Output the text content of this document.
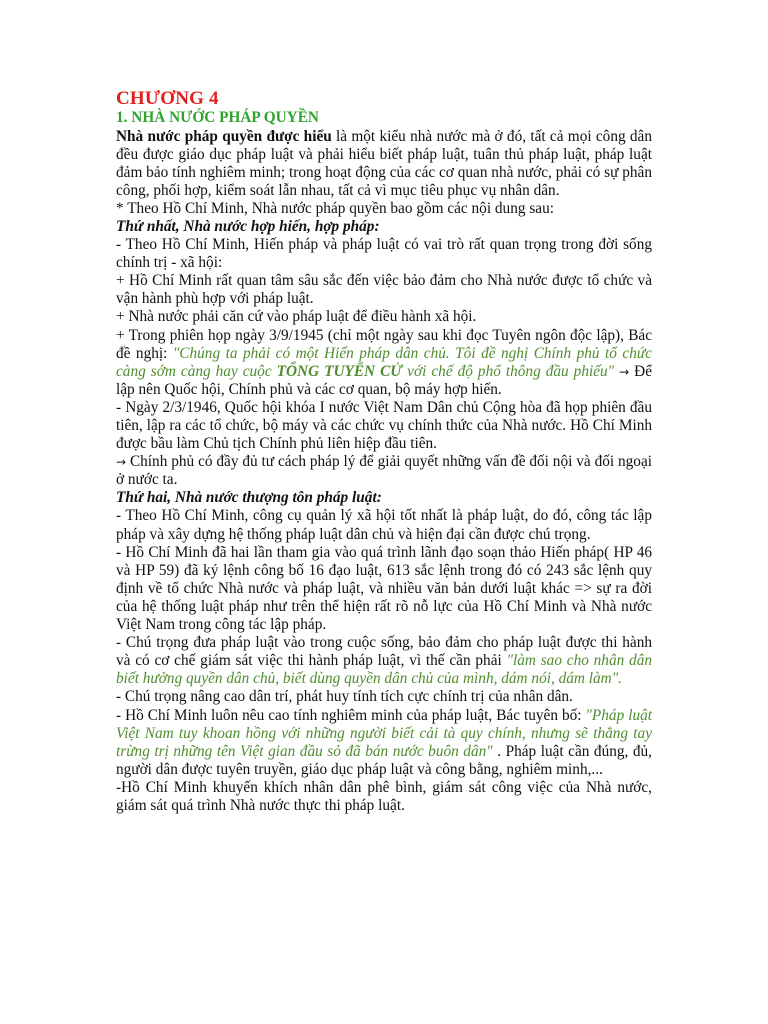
CHƯƠNG 4

1. NHÀ NƯỚC PHÁP QUYỀN

Nhà nước pháp quyền được hiểu là một kiểu nhà nước mà ở đó, tất cả mọi công dân đều được giáo dục pháp luật và phải hiểu biết pháp luật, tuân thủ pháp luật, pháp luật đảm bảo tính nghiêm minh; trong hoạt động của các cơ quan nhà nước, phải có sự phân công, phối hợp, kiểm soát lẫn nhau, tất cả vì mục tiêu phục vụ nhân dân.

* Theo Hồ Chí Minh, Nhà nước pháp quyền bao gồm các nội dung sau:

Thứ nhất, Nhà nước hợp hiến, hợp pháp:

- Theo Hồ Chí Minh, Hiến pháp và pháp luật có vai trò rất quan trọng trong đời sống chính trị - xã hội:

+ Hồ Chí Minh rất quan tâm sâu sắc đến việc bảo đảm cho Nhà nước được tổ chức và vận hành phù hợp với pháp luật.

+ Nhà nước phải căn cứ vào pháp luật để điều hành xã hội.

+ Trong phiên họp ngày 3/9/1945 (chỉ một ngày sau khi đọc Tuyên ngôn độc lập), Bác đề nghị: "Chúng ta phải có một Hiến pháp dân chủ. Tôi đề nghị Chính phủ tổ chức càng sớm càng hay cuộc TỔNG TUYỂN CỬ với chế độ phổ thông đầu phiếu" → Để lập nên Quốc hội, Chính phủ và các cơ quan, bộ máy hợp hiến.

- Ngày 2/3/1946, Quốc hội khóa I nước Việt Nam Dân chủ Cộng hòa đã họp phiên đầu tiên, lập ra các tổ chức, bộ máy và các chức vụ chính thức của Nhà nước. Hồ Chí Minh được bầu làm Chủ tịch Chính phủ liên hiệp đầu tiên.

→ Chính phủ có đầy đủ tư cách pháp lý để giải quyết những vấn đề đối nội và đối ngoại ở nước ta.

Thứ hai, Nhà nước thượng tôn pháp luật:

- Theo Hồ Chí Minh, công cụ quản lý xã hội tốt nhất là pháp luật, do đó, công tác lập pháp và xây dựng hệ thống pháp luật dân chủ và hiện đại cần được chú trọng.

- Hồ Chí Minh đã hai lần tham gia vào quá trình lãnh đạo soạn thảo Hiến pháp( HP 46 và HP 59) đã ký lệnh công bố 16 đạo luật, 613 sắc lệnh trong đó có 243 sắc lệnh quy định về tổ chức Nhà nước và pháp luật, và nhiều văn bản dưới luật khác => sự ra đời của hệ thống luật pháp như trên thể hiện rất rõ nỗ lực của Hồ Chí Minh và Nhà nước Việt Nam trong công tác lập pháp.

- Chú trọng đưa pháp luật vào trong cuộc sống, bảo đảm cho pháp luật được thi hành và có cơ chế giám sát việc thi hành pháp luật, vì thế cần phải "làm sao cho nhân dân biết hưởng quyền dân chủ, biết dùng quyền dân chủ của mình, dám nói, dám làm".

- Chú trọng nâng cao dân trí, phát huy tính tích cực chính trị của nhân dân.

- Hồ Chí Minh luôn nêu cao tính nghiêm minh của pháp luật, Bác tuyên bố: "Pháp luật Việt Nam tuy khoan hồng với những người biết cải tà quy chính, nhưng sẽ thẳng tay trừng trị những tên Việt gian đầu sỏ đã bán nước buôn dân" . Pháp luật cần đúng, đủ, người dân được tuyên truyền, giáo dục pháp luật và công bằng, nghiêm minh,...

-Hồ Chí Minh khuyến khích nhân dân phê bình, giám sát công việc của Nhà nước, giám sát quá trình Nhà nước thực thi pháp luật.
